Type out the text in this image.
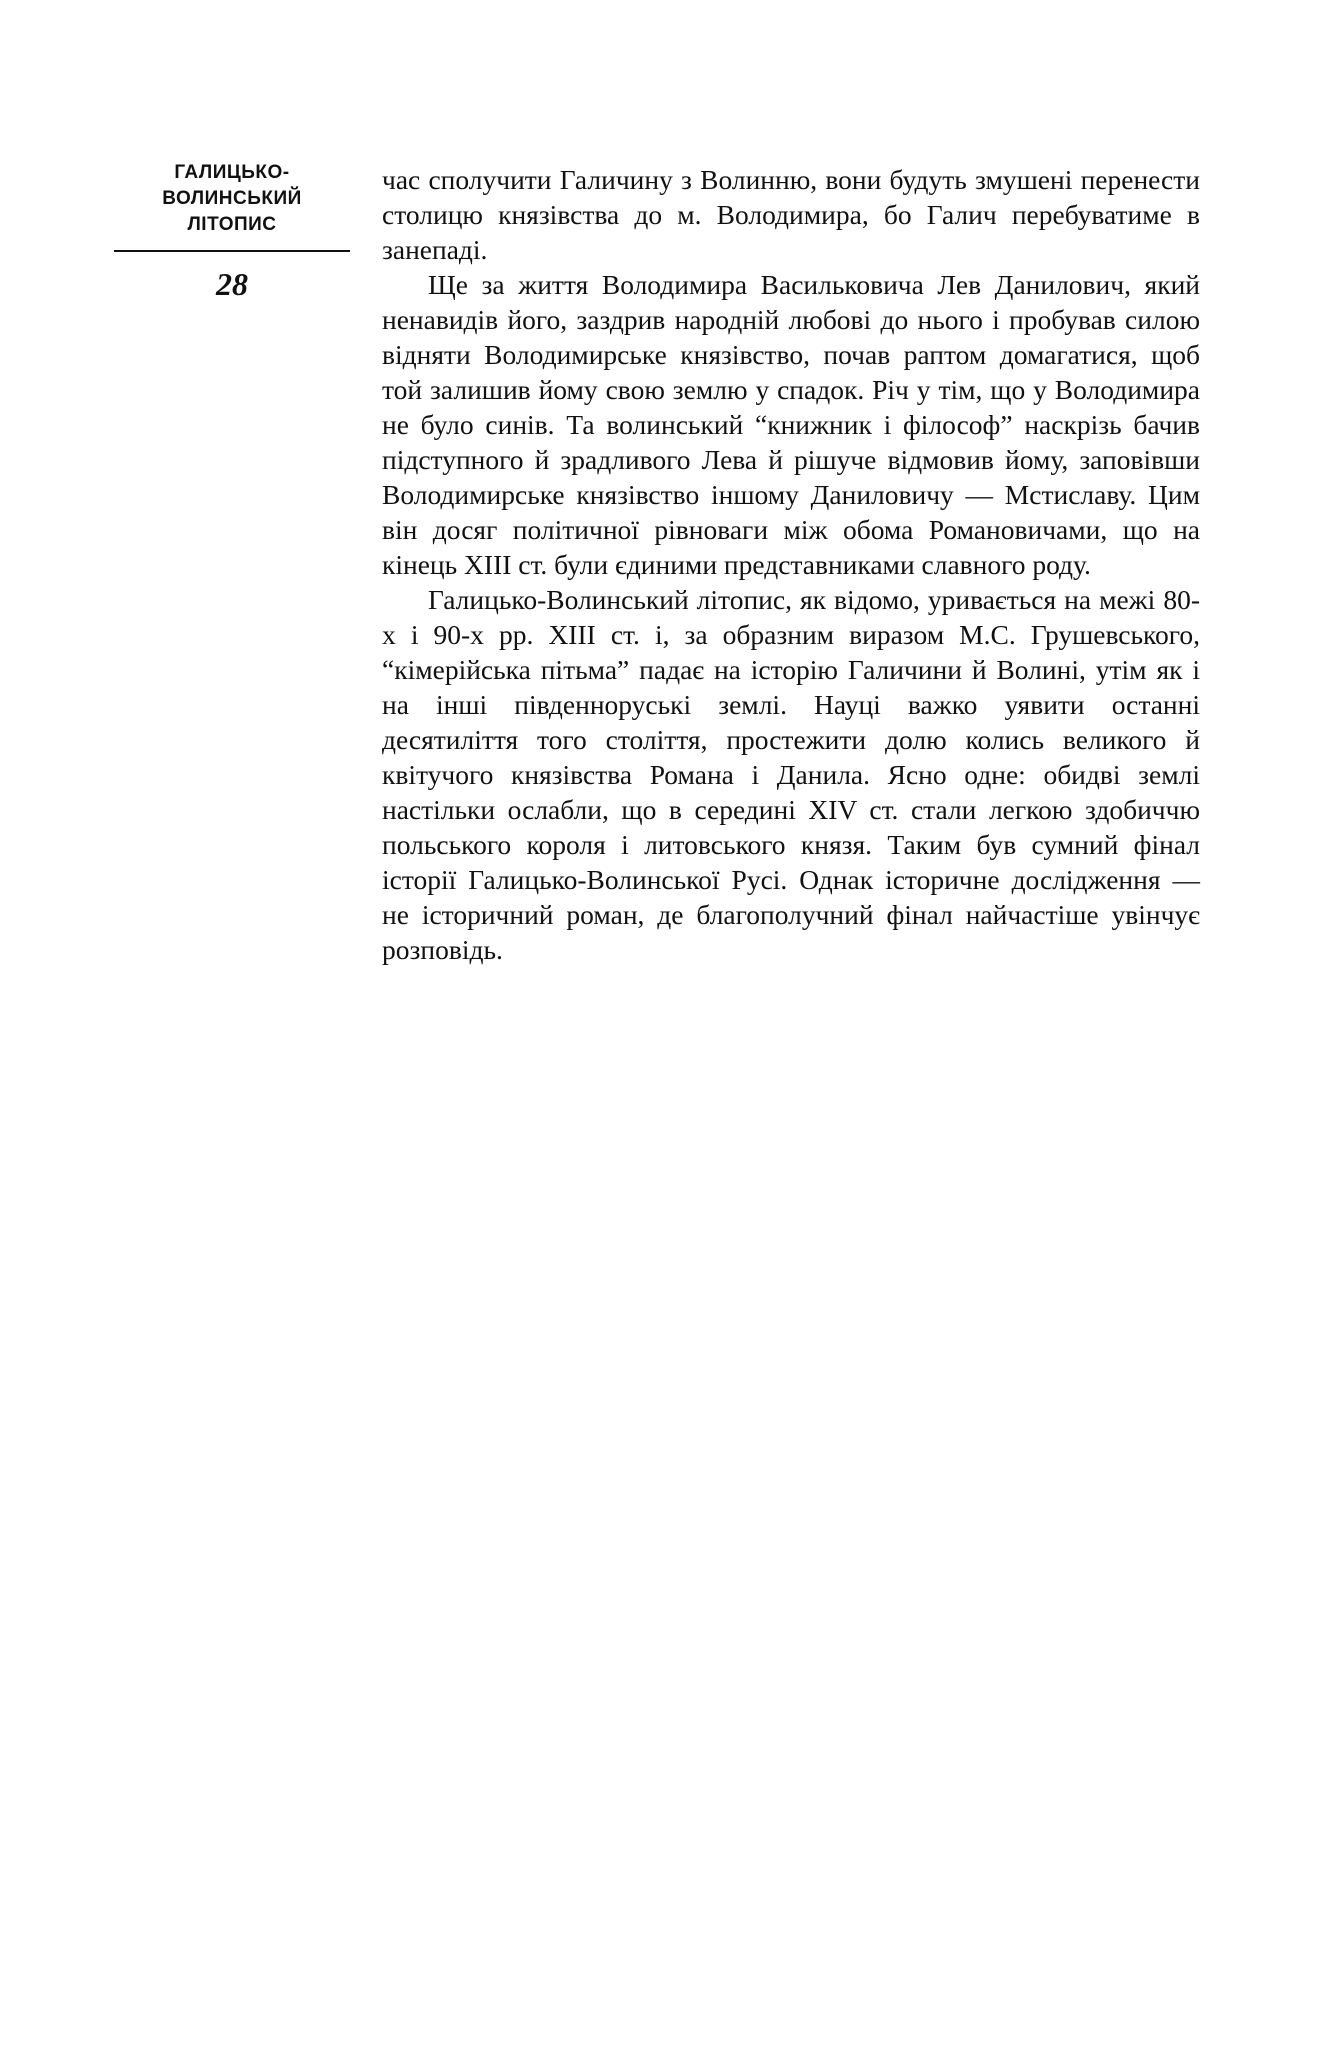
ГАЛИЦЬКО-
ВОЛИНСЬКИЙ
ЛІТОПИС
28

час сполучити Галичину з Волинню, вони будуть змушені перенести столицю князівства до м. Володимира, бо Галич перебуватиме в занепаді.

Ще за життя Володимира Васильковича Лев Данилович, який ненавидів його, заздрив народній любові до нього і пробував силою відняти Володимирське князівство, почав раптом домагатися, щоб той залишив йому свою землю у спадок. Річ у тім, що у Володимира не було синів. Та волинський “книжник і філософ” наскрізь бачив підступного й зрадливого Лева й рішуче відмовив йому, заповівши Володимирське князівство іншому Даниловичу — Мстиславу. Цим він досяг політичної рівноваги між обома Романовичами, що на кінець XIII ст. були єдиними представниками славного роду.

Галицько-Волинський літопис, як відомо, уривається на межі 80-х і 90-х рр. XIII ст. і, за образним виразом М.С. Грушевського, “кімерійська пітьма” падає на історію Галичини й Волині, утім як і на інші південноруські землі. Науці важко уявити останні десятиліття того століття, простежити долю колись великого й квітучого князівства Романа і Данила. Ясно одне: обидві землі настільки ослабли, що в середині XIV ст. стали легкою здобиччю польського короля і литовського князя. Таким був сумний фінал історії Галицько-Волинської Русі. Однак історичне дослідження — не історичний роман, де благополучний фінал найчастіше увінчує розповідь.
